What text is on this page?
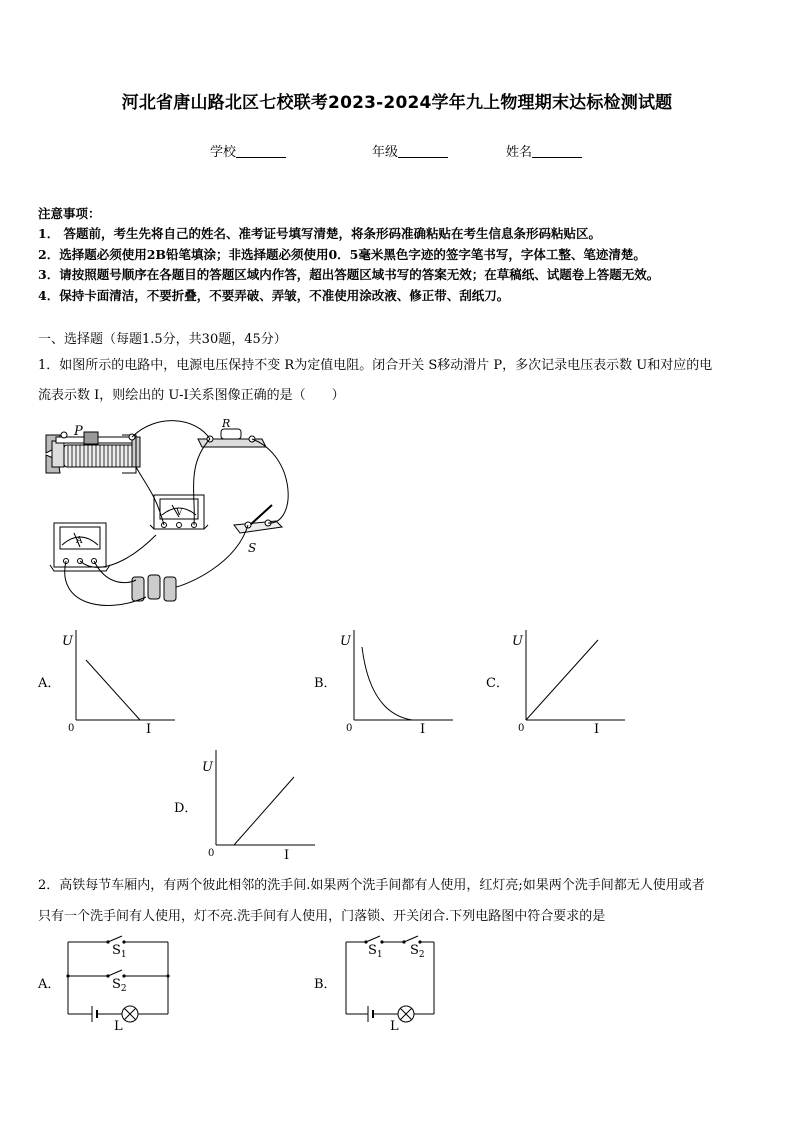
河北省唐山路北区七校联考2023-2024学年九上物理期末达标检测试题
学校	年级	姓名
注意事项：
1． 答题前，考生先将自己的姓名、准考证号填写清楚，将条形码准确粘贴在考生信息条形码粘贴区。
2．选择题必须使用2B铅笔填涂；非选择题必须使用0．5毫米黑色字迹的签字笔书写，字体工整、笔迹清楚。
3．请按照题号顺序在各题目的答题区域内作答，超出答题区域书写的答案无效；在草稿纸、试题卷上答题无效。
4．保持卡面清洁，不要折叠，不要弄破、弄皱，不准使用涂改液、修正带、刮纸刀。
一、选择题（每题1.5分，共30题，45分）
1．如图所示的电路中，电源电压保持不变 R为定值电阻。闭合开关 S移动滑片 P，多次记录电压表示数 U和对应的电
流表示数 I，则绘出的 U-I关系图像正确的是（　　）
P
R
V
A	S
A．
U
I
0
B．
U
I
0
C．
U
I
0
D．
U
I
0
2．高铁每节车厢内，有两个彼此相邻的洗手间.如果两个洗手间都有人使用，红灯亮;如果两个洗手间都无人使用或者
只有一个洗手间有人使用，灯不亮.洗手间有人使用，门落锁、开关闭合.下列电路图中符合要求的是
A．
$S_1$
$S_2$
L
B．
$S_1$ $S_2$
L
